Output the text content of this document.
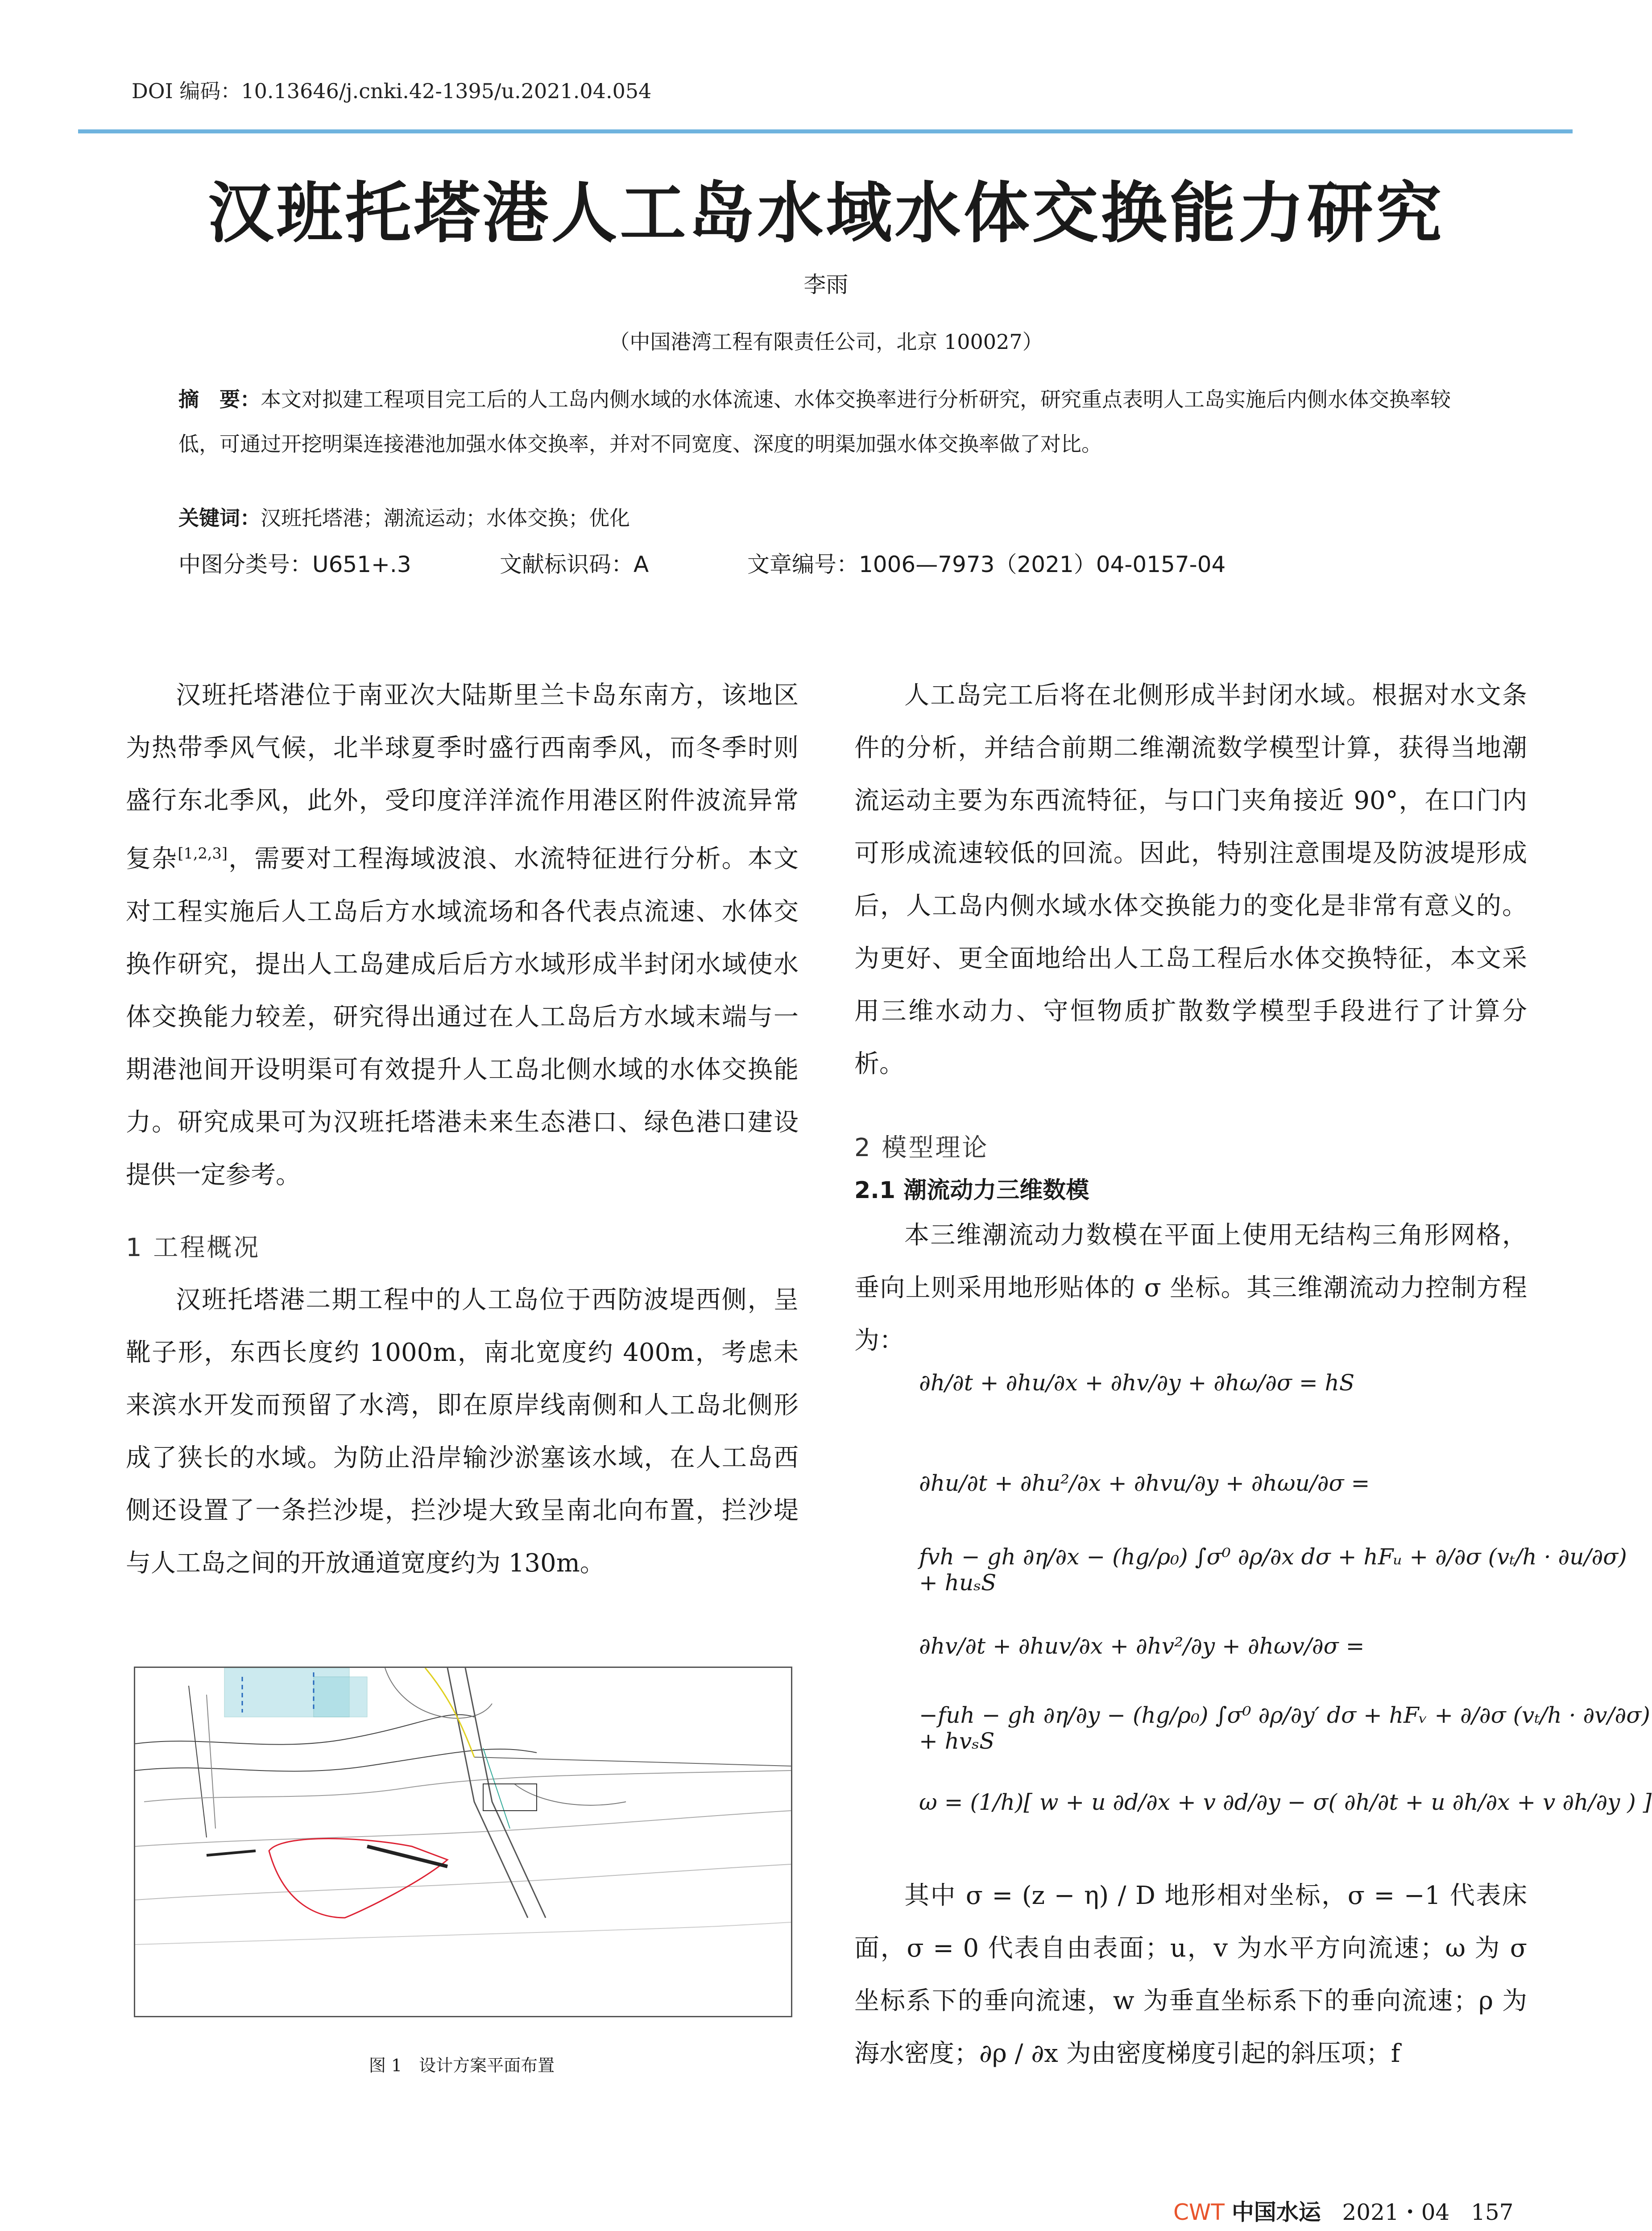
DOI 编码：10.13646/j.cnki.42-1395/u.2021.04.054
汉班托塔港人工岛水域水体交换能力研究
李雨
（中国港湾工程有限责任公司，北京 100027）
摘　要：本文对拟建工程项目完工后的人工岛内侧水域的水体流速、水体交换率进行分析研究，研究重点表明人工岛实施后内侧水体交换率较低，可通过开挖明渠连接港池加强水体交换率，并对不同宽度、深度的明渠加强水体交换率做了对比。
关键词：汉班托塔港；潮流运动；水体交换；优化
中图分类号：U651+.3	文献标识码：A	文章编号：1006—7973（2021）04-0157-04

汉班托塔港位于南亚次大陆斯里兰卡岛东南方，该地区为热带季风气候，北半球夏季时盛行西南季风，而冬季时则盛行东北季风，此外，受印度洋洋流作用港区附件波流异常复杂[1,2,3]，需要对工程海域波浪、水流特征进行分析。本文对工程实施后人工岛后方水域流场和各代表点流速、水体交换作研究，提出人工岛建成后后方水域形成半封闭水域使水体交换能力较差，研究得出通过在人工岛后方水域末端与一期港池间开设明渠可有效提升人工岛北侧水域的水体交换能力。研究成果可为汉班托塔港未来生态港口、绿色港口建设提供一定参考。

1 工程概况

汉班托塔港二期工程中的人工岛位于西防波堤西侧，呈靴子形，东西长度约 1000m，南北宽度约 400m，考虑未来滨水开发而预留了水湾，即在原岸线南侧和人工岛北侧形成了狭长的水域。为防止沿岸输沙淤塞该水域，在人工岛西侧还设置了一条拦沙堤，拦沙堤大致呈南北向布置，拦沙堤与人工岛之间的开放通道宽度约为 130m。

图 1　设计方案平面布置

人工岛完工后将在北侧形成半封闭水域。根据对水文条件的分析，并结合前期二维潮流数学模型计算，获得当地潮流运动主要为东西流特征，与口门夹角接近 90°，在口门内可形成流速较低的回流。因此，特别注意围堤及防波堤形成后，人工岛内侧水域水体交换能力的变化是非常有意义的。为更好、更全面地给出人工岛工程后水体交换特征，本文采用三维水动力、守恒物质扩散数学模型手段进行了计算分析。

2 模型理论
2.1 潮流动力三维数模

本三维潮流动力数模在平面上使用无结构三角形网格，垂向上则采用地形贴体的 σ 坐标。其三维潮流动力控制方程为：

∂h/∂t + ∂hu/∂x + ∂hv/∂y + ∂hω/∂σ = hS
∂hu/∂t + ∂hu²/∂x + ∂hvu/∂y + ∂hωu/∂σ =
fvh − gh ∂η/∂x − (hg/ρ₀) ∫σ⁰ ∂ρ/∂x dσ + hFᵤ + ∂/∂σ (vₜ/h · ∂u/∂σ) + huₛS
∂hv/∂t + ∂huv/∂x + ∂hv²/∂y + ∂hωv/∂σ =
−fuh − gh ∂η/∂y − (hg/ρ₀) ∫σ⁰ ∂ρ/∂y′ dσ + hFᵥ + ∂/∂σ (vₜ/h · ∂v/∂σ) + hvₛS
ω = (1/h)[ w + u ∂d/∂x + v ∂d/∂y − σ( ∂h/∂t + u ∂h/∂x + v ∂h/∂y ) ]

其中 σ = (z − η) / D 地形相对坐标，σ = −1 代表床面，σ = 0 代表自由表面；u，v 为水平方向流速；ω 为 σ 坐标系下的垂向流速，w 为垂直坐标系下的垂向流速；ρ 为海水密度；∂ρ / ∂x 为由密度梯度引起的斜压项；f

CWT 中国水运 2021・04 157
